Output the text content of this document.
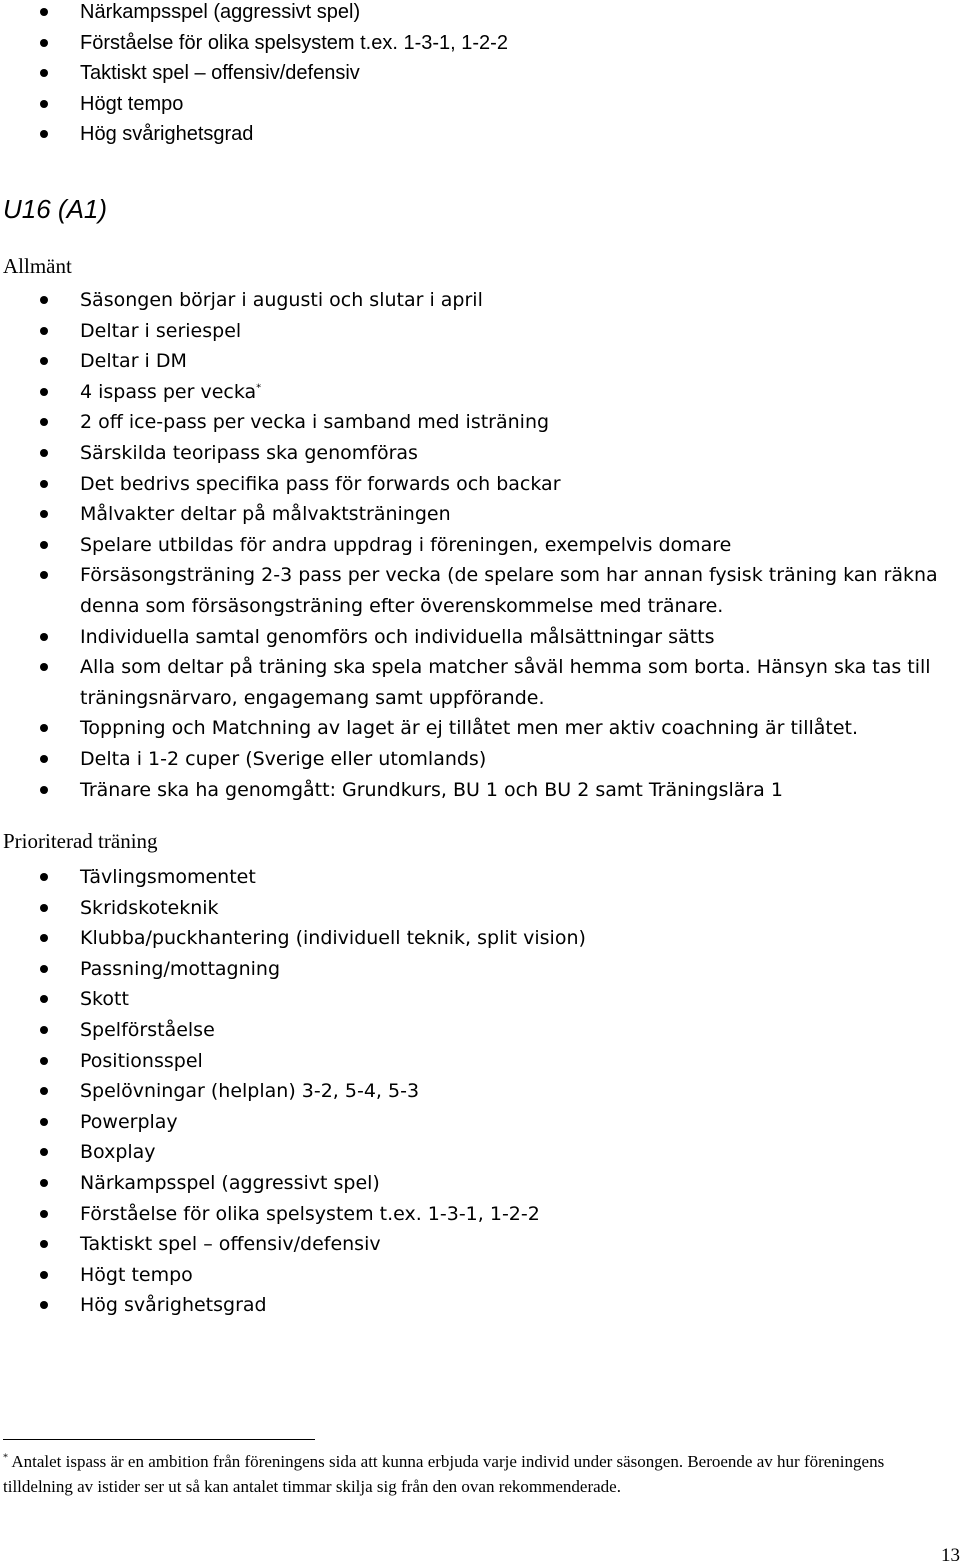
Närkampsspel (aggressivt spel)
Förståelse för olika spelsystem t.ex. 1-3-1, 1-2-2
Taktiskt spel – offensiv/defensiv
Högt tempo
Hög svårighetsgrad
U16 (A1)
Allmänt
Säsongen börjar i augusti och slutar i april
Deltar i seriespel
Deltar i DM
4 ispass per vecka*
2 off ice-pass per vecka i samband med isträning
Särskilda teoripass ska genomföras
Det bedrivs specifika pass för forwards och backar
Målvakter deltar på målvaktsträningen
Spelare utbildas för andra uppdrag i föreningen, exempelvis domare
Försäsongsträning 2-3 pass per vecka (de spelare som har annan fysisk träning kan räkna denna som försäsongsträning efter överenskommelse med tränare.
Individuella samtal genomförs och individuella målsättningar sätts
Alla som deltar på träning ska spela matcher såväl hemma som borta. Hänsyn ska tas till träningsnärvaro, engagemang samt uppförande.
Toppning och Matchning av laget är ej tillåtet men mer aktiv coachning är tillåtet.
Delta i 1-2 cuper (Sverige eller utomlands)
Tränare ska ha genomgått: Grundkurs, BU 1 och BU 2 samt Träningslära 1
Prioriterad träning
Tävlingsmomentet
Skridskoteknik
Klubba/puckhantering (individuell teknik, split vision)
Passning/mottagning
Skott
Spelförståelse
Positionsspel
Spelövningar (helplan) 3-2, 5-4, 5-3
Powerplay
Boxplay
Närkampsspel (aggressivt spel)
Förståelse för olika spelsystem t.ex. 1-3-1, 1-2-2
Taktiskt spel – offensiv/defensiv
Högt tempo
Hög svårighetsgrad

* Antalet ispass är en ambition från föreningens sida att kunna erbjuda varje individ under säsongen. Beroende av hur föreningens tilldelning av istider ser ut så kan antalet timmar skilja sig från den ovan rekommenderade.

13
